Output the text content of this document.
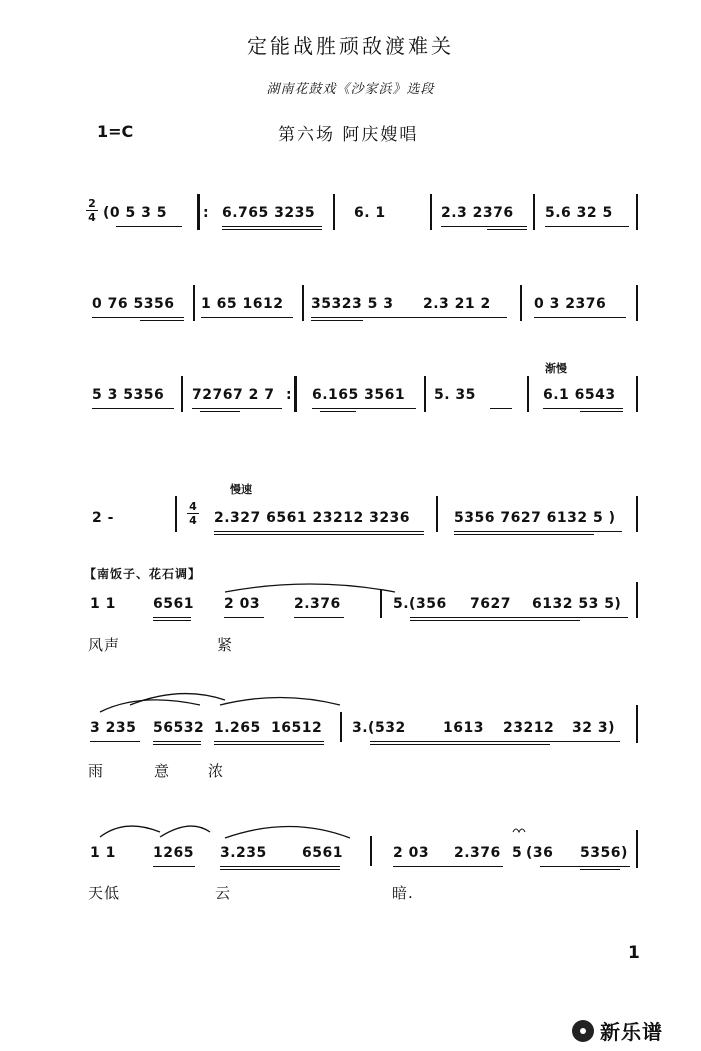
定能战胜顽敌渡难关
湖南花鼓戏《沙家浜》选段
1=C	第六场 阿庆嫂唱
2
4 (0 5 3 5	: 6.765 3235	6. 1	2.3 2376 5.6 32 5
0 76 5356 1 65 1612 35323 5 3 2.3 21 2	0 3 2376
渐慢
5 3 5356 72767 2 7 : 6.165 3561 5. 35	6.1 6543
慢速
2 -
4
4 2.327 6561 23212 3236	5356 7627 6132 5 )
【南饭子、花石调】
1 1	6561 2 03 2.376	5.(356 7627 6132 53 5)
风声	紧
3 235 56532 1.265 16512 3.(532	1613 23212 32 3)
雨	意	浓
1 1	1265 3.235	6561	2 03 2.376 5 (36 5356)
天低	云	暗.
1
新乐谱
